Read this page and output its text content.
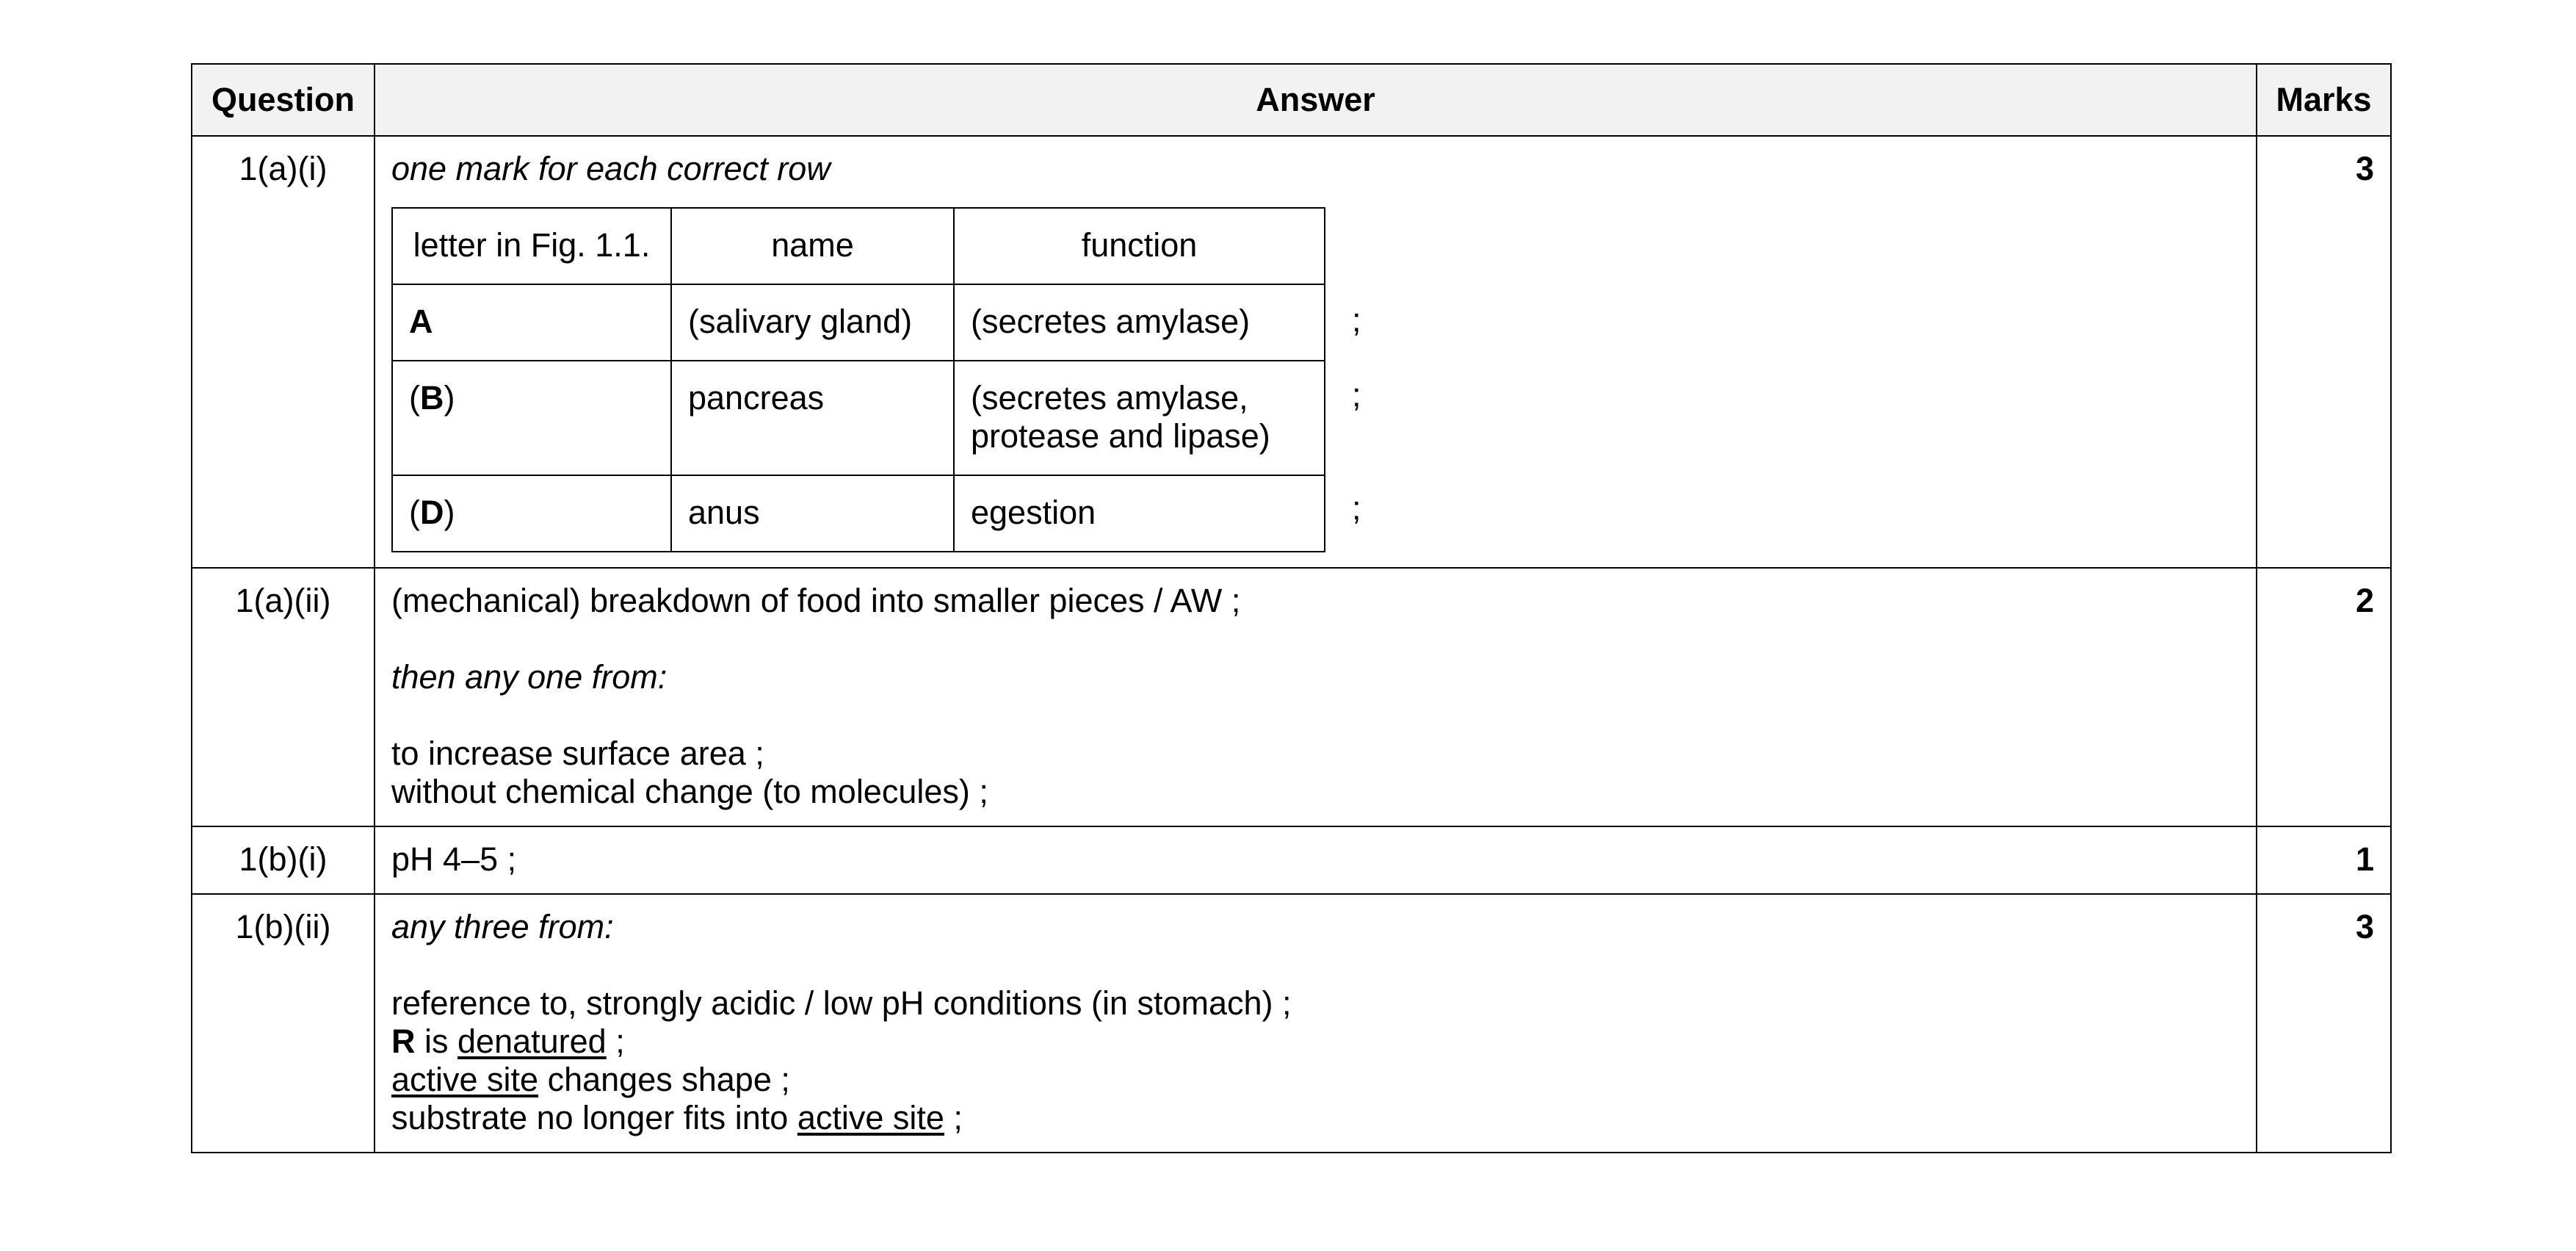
Question	Answer	Marks
1(a)(i)	one mark for each correct row

letter in Fig. 1.1.	name	function
A	(salivary gland)	(secretes amylase)
(B)	pancreas	(secretes amylase,
protease and lipase)

(D)	anus	egestion
;
;
;
	3
1(a)(ii)	(mechanical) breakdown of food into smaller pieces / AW ;

then any one from:

to increase surface area ;

without chemical change (to molecules) ;

	2
1(b)(i)	pH 4–5 ;	1
1(b)(ii)	any three from:

reference to, strongly acidic / low pH conditions (in stomach) ;

R is denatured ;

active site changes shape ;

substrate no longer fits into active site ;

	3
